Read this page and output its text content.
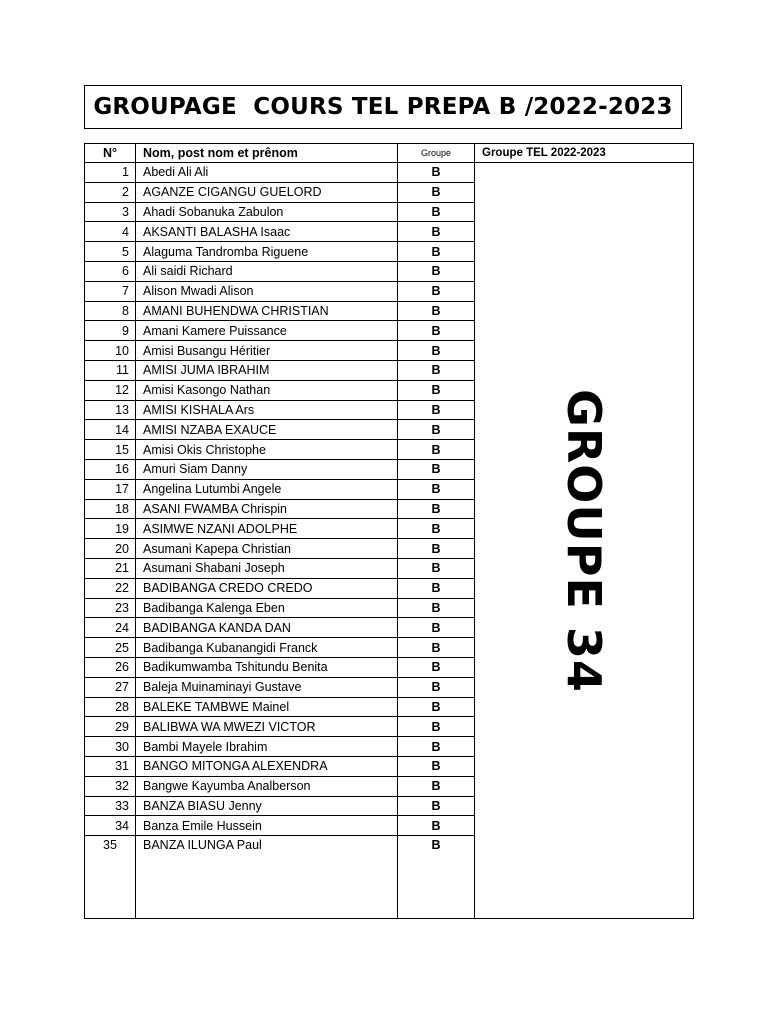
GROUPAGE  COURS TEL PREPA B /2022-2023
N°	Nom, post nom et prênom	Groupe	Groupe TEL 2022-2023
1	Abedi Ali Ali	B	GROUPE 34

2	AGANZE CIGANGU GUELORD	B	
3	Ahadi Sobanuka Zabulon	B	
4	AKSANTI BALASHA Isaac	B	
5	Alaguma Tandromba Riguene	B	
6	Ali saidi Richard	B	
7	Alison Mwadi Alison	B	
8	AMANI BUHENDWA CHRISTIAN	B	
9	Amani Kamere Puissance	B	
10	Amisi Busangu Héritier	B	
11	AMISI JUMA IBRAHIM	B	
12	Amisi Kasongo Nathan	B	
13	AMISI KISHALA Ars	B	
14	AMISI NZABA EXAUCE	B	
15	Amisi Okis Christophe	B	
16	Amuri Siam Danny	B	
17	Angelina Lutumbi Angele	B	
18	ASANI FWAMBA Chrispin	B	
19	ASIMWE NZANI ADOLPHE	B	
20	Asumani Kapepa Christian	B	
21	Asumani Shabani Joseph	B	
22	BADIBANGA CREDO CREDO	B	
23	Badibanga Kalenga Eben	B	
24	BADIBANGA KANDA DAN	B	
25	Badibanga Kubanangidi Franck	B	
26	Badikumwamba Tshitundu Benita	B	
27	Baleja Muinaminayi Gustave	B	
28	BALEKE TAMBWE Mainel	B	
29	BALIBWA WA MWEZI VICTOR	B	
30	Bambi Mayele Ibrahim	B	
31	BANGO MITONGA ALEXENDRA	B	
32	Bangwe Kayumba Analberson	B	
33	BANZA BIASU Jenny	B	
34	Banza Emile Hussein	B	
35	BANZA ILUNGA Paul	B	
